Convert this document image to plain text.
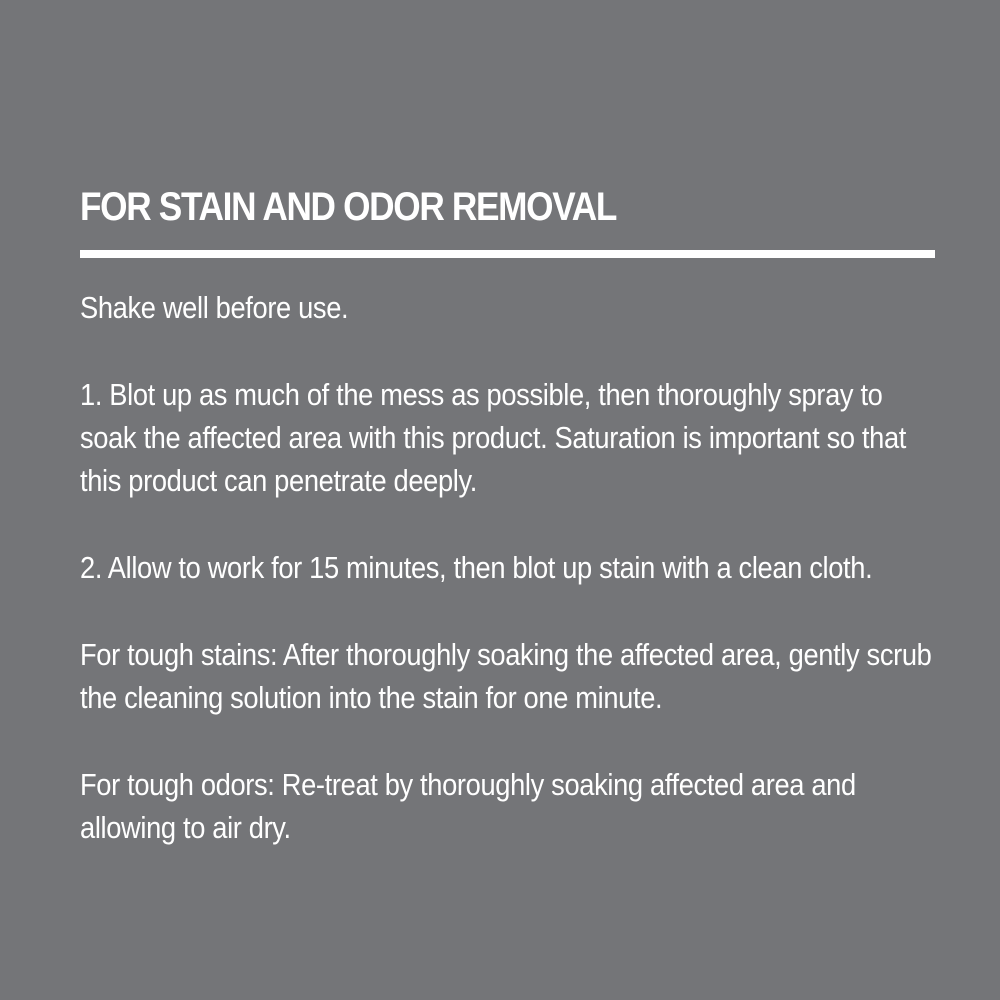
FOR STAIN AND ODOR REMOVAL

Shake well before use.

1. Blot up as much of the mess as possible, then thoroughly spray to soak the affected area with this product. Saturation is important so that this product can penetrate deeply.

2. Allow to work for 15 minutes, then blot up stain with a clean cloth.

For tough stains: After thoroughly soaking the affected area, gently scrub the cleaning solution into the stain for one minute.

For tough odors: Re-treat by thoroughly soaking affected area and allowing to air dry.
